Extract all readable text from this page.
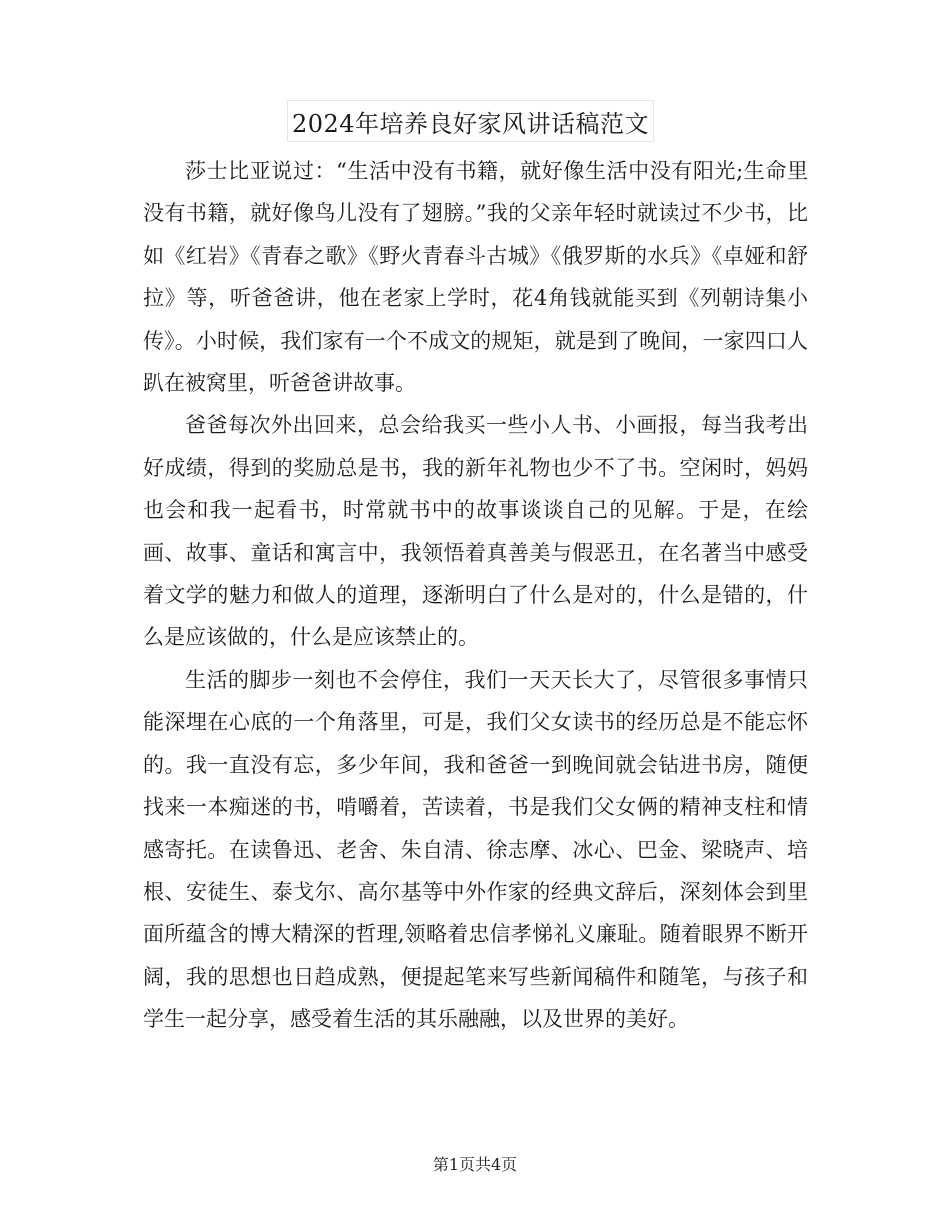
2024年培养良好家风讲话稿范文

莎士比亚说过：“生活中没有书籍，就好像生活中没有阳光;生命里没有书籍，就好像鸟儿没有了翅膀。”我的父亲年轻时就读过不少书，比如《红岩》《青春之歌》《野火青春斗古城》《俄罗斯的水兵》《卓娅和舒拉》等，听爸爸讲，他在老家上学时，花4角钱就能买到《列朝诗集小传》。小时候，我们家有一个不成文的规矩，就是到了晚间，一家四口人趴在被窝里，听爸爸讲故事。

爸爸每次外出回来，总会给我买一些小人书、小画报，每当我考出好成绩，得到的奖励总是书，我的新年礼物也少不了书。空闲时，妈妈也会和我一起看书，时常就书中的故事谈谈自己的见解。于是，在绘画、故事、童话和寓言中，我领悟着真善美与假恶丑，在名著当中感受着文学的魅力和做人的道理，逐渐明白了什么是对的，什么是错的，什么是应该做的，什么是应该禁止的。

生活的脚步一刻也不会停住，我们一天天长大了，尽管很多事情只能深埋在心底的一个角落里，可是，我们父女读书的经历总是不能忘怀的。我一直没有忘，多少年间，我和爸爸一到晚间就会钻进书房，随便找来一本痴迷的书，啃嚼着，苦读着，书是我们父女俩的精神支柱和情感寄托。在读鲁迅、老舍、朱自清、徐志摩、冰心、巴金、梁晓声、培根、安徒生、泰戈尔、高尔基等中外作家的经典文辞后，深刻体会到里面所蕴含的博大精深的哲理,领略着忠信孝悌礼义廉耻。随着眼界不断开阔，我的思想也日趋成熟，便提起笔来写些新闻稿件和随笔，与孩子和学生一起分享，感受着生活的其乐融融，以及世界的美好。

第1页共4页
